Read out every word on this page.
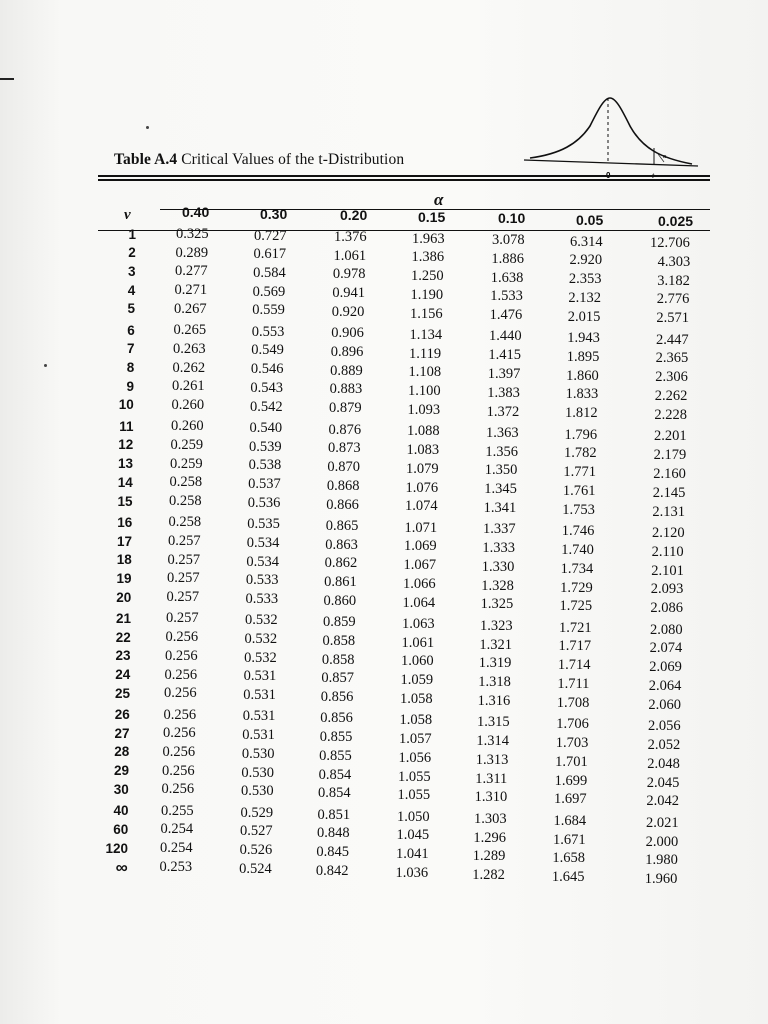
Table A.4 Critical Values of the t-Distribution	α
α
v	0.40	0.30	0.20	0.15	0.10	0.05	0.025
1	0.325	0.727	1.376	1.963	3.078	6.314	12.706
2	0.289	0.617	1.061	1.386	1.886	2.920	4.303
3	0.277	0.584	0.978	1.250	1.638	2.353	3.182
4	0.271	0.569	0.941	1.190	1.533	2.132	2.776
5	0.267	0.559	0.920	1.156	1.476	2.015	2.571
6	0.265	0.553	0.906	1.134	1.440	1.943	2.447
7	0.263	0.549	0.896	1.119	1.415	1.895	2.365
8	0.262	0.546	0.889	1.108	1.397	1.860	2.306
9	0.261	0.543	0.883	1.100	1.383	1.833	2.262
10	0.260	0.542	0.879	1.093	1.372	1.812	2.228
11	0.260	0.540	0.876	1.088	1.363	1.796	2.201
12	0.259	0.539	0.873	1.083	1.356	1.782	2.179
13	0.259	0.538	0.870	1.079	1.350	1.771	2.160
14	0.258	0.537	0.868	1.076	1.345	1.761	2.145
15	0.258	0.536	0.866	1.074	1.341	1.753	2.131
16	0.258	0.535	0.865	1.071	1.337	1.746	2.120
17 0.257	0.534	0.863	1.069	1.333	1.740	2.110
18 0.257	0.534	0.862	1.067	1.330	1.734	2.101
19 0.257	0.533	0.861	1.066	1.328	1.729	2.093
20 0.257	0.533	0.860	1.064	1.325	1.725	2.086
21 0.257	0.532	0.859	1.063	1.323	1.721	2.080
22 0.256	0.532	0.858	1.061	1.321	1.717	2.074
23 0.256	0.532	0.858	1.060	1.319	1.714	2.069
24 0.256	0.531	0.857	1.059	1.318	1.711	2.064
25 0.256	0.531	0.856	1.058	1.316	1.708	2.060
26 0.256	0.531	0.856	1.058	1.315	1.706	2.056
27 0.256	0.531	0.855	1.057	1.314	1.703	2.052
28 0.256	0.530	0.855	1.056	1.313	1.701	2.048
29 0.256	0.530	0.854	1.055	1.311	1.699	2.045
30 0.256	0.530	0.854	1.055	1.310	1.697	2.042
40 0.255	0.529	0.851	1.050	1.303	1.684	2.021
60 0.254	0.527	0.848	1.045	1.296	1.671	2.000
120 0.254	0.526	0.845	1.041	1.289	1.658	1.980
∞ 0.253	0.524	0.842	1.036	1.282	1.645	1.960
